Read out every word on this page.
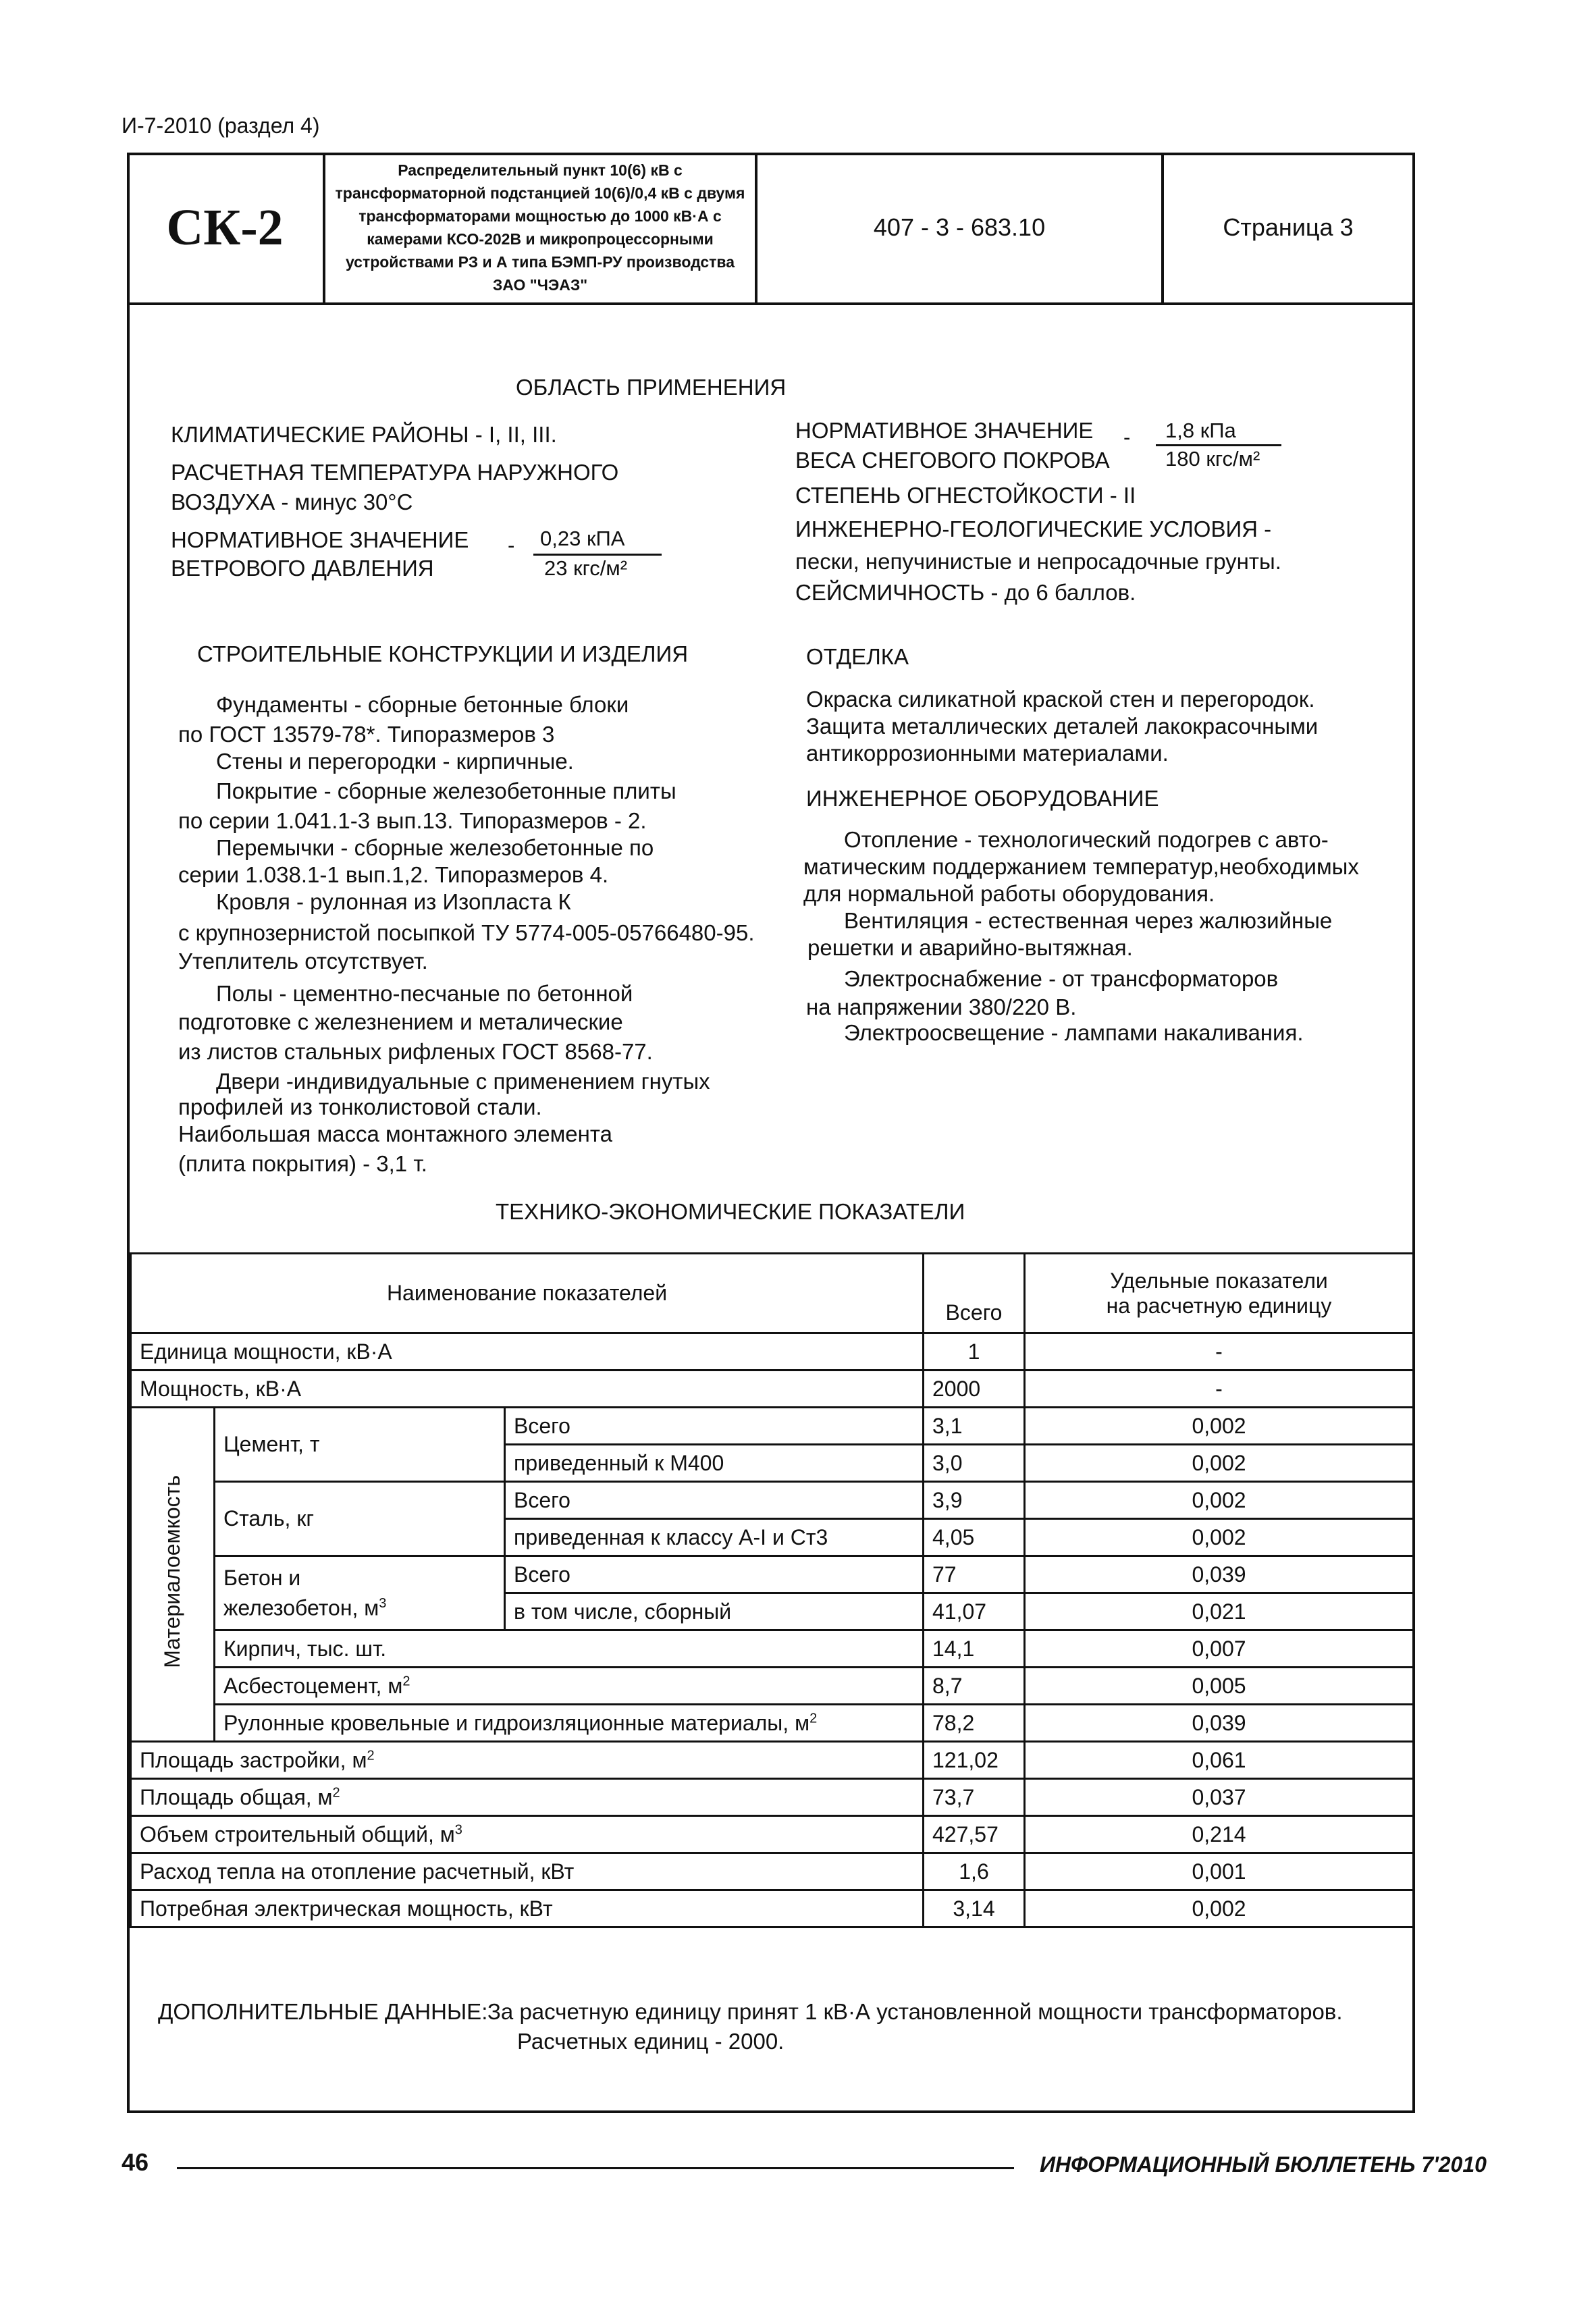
И-7-2010 (раздел 4)
СК-2
Распределительный пункт 10(6) кВ с трансформаторной подстанцией 10(6)/0,4 кВ с двумя трансформаторами мощностью до 1000 кВ·А с камерами КСО-202В и микропроцессорными устройствами РЗ и А типа БЭМП-РУ производства ЗАО "ЧЭАЗ"
407 - 3 - 683.10	Страница 3
ОБЛАСТЬ ПРИМЕНЕНИЯ
КЛИМАТИЧЕСКИЕ РАЙОНЫ - I, II, III.
РАСЧЕТНАЯ ТЕМПЕРАТУРА НАРУЖНОГО
ВОЗДУХА - минус 30°С
НОРМАТИВНОЕ ЗНАЧЕНИЕ
ВЕТРОВОГО ДАВЛЕНИЯ
- 0,23 кПА
23 кгс/м²
НОРМАТИВНОЕ ЗНАЧЕНИЕ
ВЕСА СНЕГОВОГО ПОКРОВА
- 1,8 кПа
180 кгс/м²
СТЕПЕНЬ ОГНЕСТОЙКОСТИ - II
ИНЖЕНЕРНО-ГЕОЛОГИЧЕСКИЕ УСЛОВИЯ -
пески, непучинистые и непросадочные грунты.
СЕЙСМИЧНОСТЬ - до 6 баллов.
СТРОИТЕЛЬНЫЕ КОНСТРУКЦИИ И ИЗДЕЛИЯ
Фундаменты - сборные бетонные блоки
по ГОСТ 13579-78*. Типоразмеров 3
Стены и перегородки - кирпичные.
Покрытие - сборные железобетонные плиты
по серии 1.041.1-3 вып.13. Типоразмеров - 2.
Перемычки - сборные железобетонные по
серии 1.038.1-1 вып.1,2. Типоразмеров 4.
Кровля - рулонная из Изопласта К
с крупнозернистой посыпкой ТУ 5774-005-05766480-95.
Утеплитель отсутствует.
Полы - цементно-песчаные по бетонной
подготовке с железнением и металические
из листов стальных рифленых ГОСТ 8568-77.
Двери -индивидуальные с применением гнутых
профилей из тонколистовой стали.
Наибольшая масса монтажного элемента
(плита покрытия) - 3,1 т.
ОТДЕЛКА
Окраска силикатной краской стен и перегородок.
Защита металлических деталей лакокрасочными
антикоррозионными материалами.
ИНЖЕНЕРНОЕ ОБОРУДОВАНИЕ
Отопление - технологический подогрев с авто-
матическим поддержанием температур,необходимых
для нормальной работы оборудования.
Вентиляция - естественная через жалюзийные
решетки и аварийно-вытяжная.
Электроснабжение - от трансформаторов
на напряжении 380/220 В.
Электроосвещение - лампами накаливания.
ТЕХНИКО-ЭКОНОМИЧЕСКИЕ ПОКАЗАТЕЛИ
Наименование показателей			Всего	Удельные показатели
на расчетную единицу

Единица мощности, кВ·А			1	-
Мощность, кВ·А			2000	-
Материалоемкость	Цемент, т	Всего	3,1	0,002
		приведенный к М400	3,0	0,002
	Сталь, кг	Всего	3,9	0,002
		приведенная к классу А-I и Ст3	4,05	0,002

	Бетон и
железобетон, $м^3$	Всего	77	0,039
		в том числе, сборный	41,07	0,021
	Кирпич, тыс. шт.		14,1	0,007
	Асбестоцемент, $м^2$		8,7	0,005
	Рулонные кровельные и гидроизляционные материалы, $м^2$		78,2	0,039
Площадь застройки, $м^2$			121,02	0,061
Площадь общая, $м^2$			73,7	0,037
Объем строительный общий, $м^3$			427,57	0,214
Расход тепла на отопление расчетный, кВт			1,6	0,001
Потребная электрическая мощность, кВт			3,14	0,002
ДОПОЛНИТЕЛЬНЫЕ ДАННЫЕ: За расчетную единицу принят 1 кВ·А установленной мощности трансформаторов.
Расчетных единиц - 2000.
46	ИНФОРМАЦИОННЫЙ БЮЛЛЕТЕНЬ 7'2010
